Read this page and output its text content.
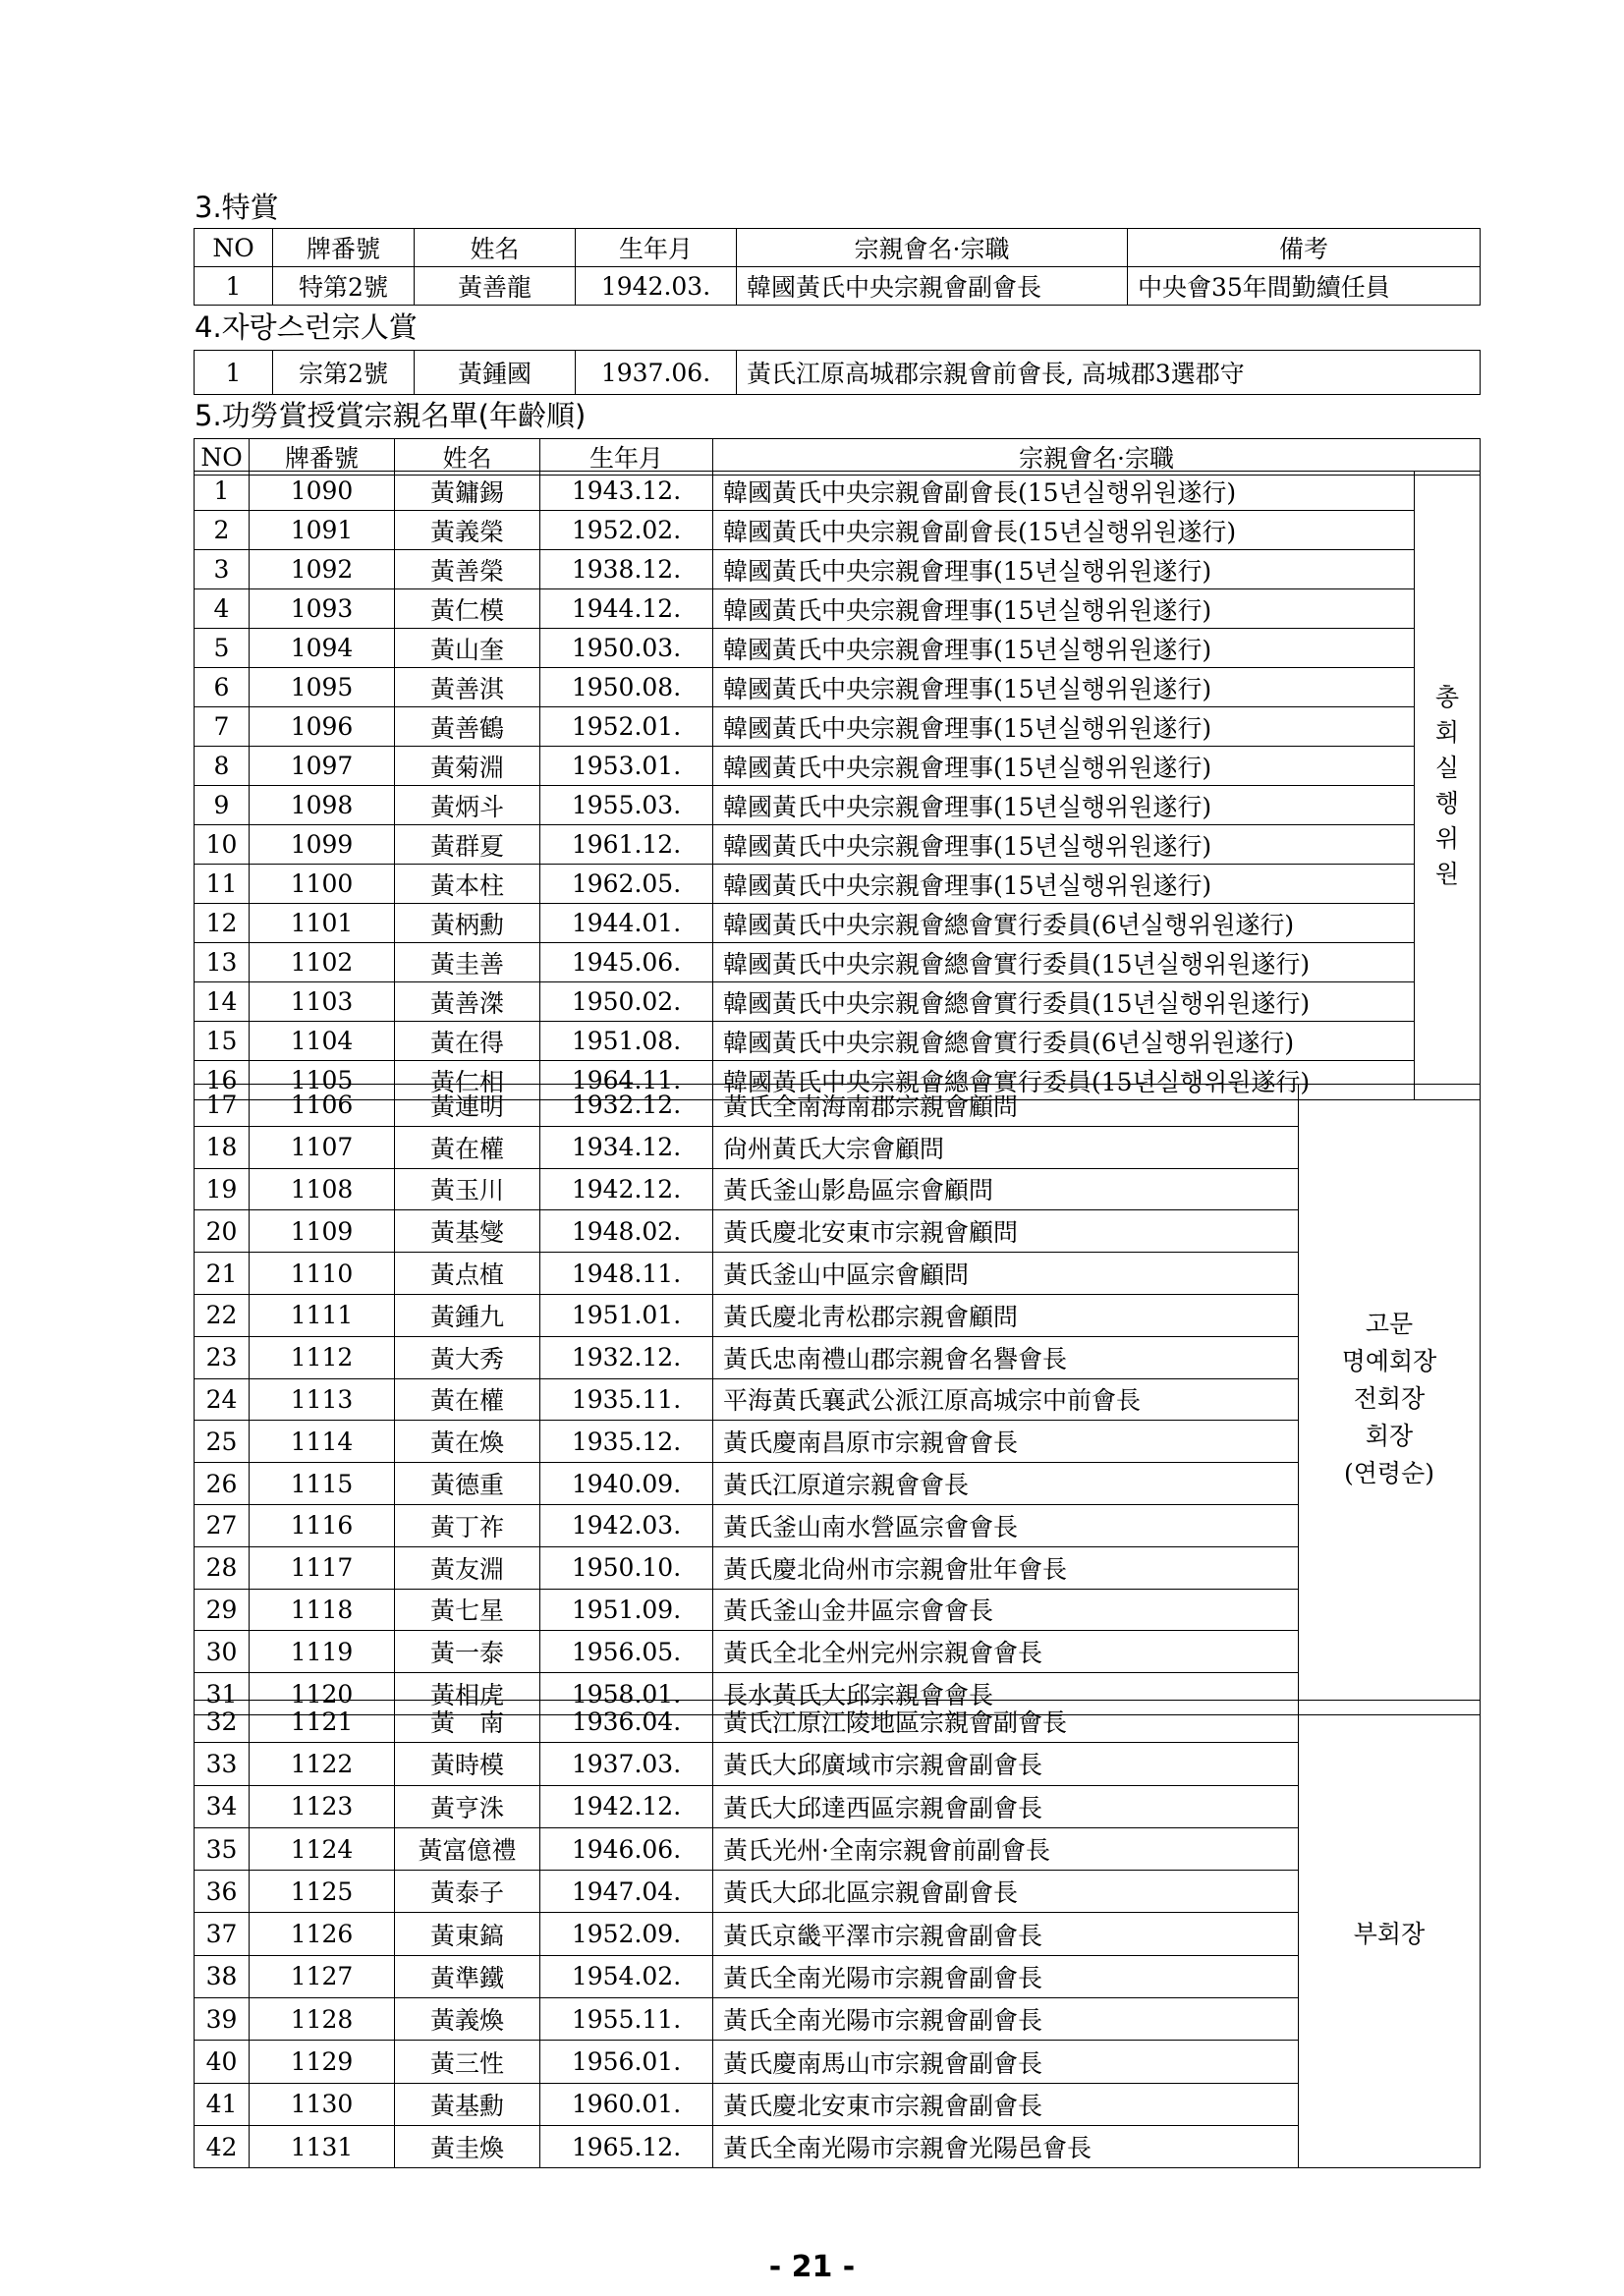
3.特賞
NO	牌番號	姓名	生年月	宗親會名·宗職	備考
1	特第2號	黃善龍	1942.03.	韓國黃氏中央宗親會副會長	中央會35年間勤續任員
4.자랑스런宗人賞
1	宗第2號	黃鍾國	1937.06.	黃氏江原高城郡宗親會前會長, 高城郡3選郡守
5.功勞賞授賞宗親名單(年齡順)
NO	牌番號	姓名	生年月	宗親會名·宗職
1	1090	黃鏞錫	1943.12.	韓國黃氏中央宗親會副會長(15년실행위원遂行)	총회실행위원

2	1091	黃義榮	1952.02.	韓國黃氏中央宗親會副會長(15년실행위원遂行)	
3	1092	黃善榮	1938.12.	韓國黃氏中央宗親會理事(15년실행위원遂行)	
4	1093	黃仁模	1944.12.	韓國黃氏中央宗親會理事(15년실행위원遂行)	
5	1094	黃山奎	1950.03.	韓國黃氏中央宗親會理事(15년실행위원遂行)	
6	1095	黃善淇	1950.08.	韓國黃氏中央宗親會理事(15년실행위원遂行)	
7	1096	黃善鶴	1952.01.	韓國黃氏中央宗親會理事(15년실행위원遂行)	
8	1097	黃菊淵	1953.01.	韓國黃氏中央宗親會理事(15년실행위원遂行)	
9	1098	黃炳斗	1955.03.	韓國黃氏中央宗親會理事(15년실행위원遂行)	
10	1099	黃群夏	1961.12.	韓國黃氏中央宗親會理事(15년실행위원遂行)	
11	1100	黃本柱	1962.05.	韓國黃氏中央宗親會理事(15년실행위원遂行)	
12	1101	黃柄勳	1944.01.	韓國黃氏中央宗親會總會實行委員(6년실행위원遂行)	
13	1102	黃圭善	1945.06.	韓國黃氏中央宗親會總會實行委員(15년실행위원遂行)	
14	1103	黃善滐	1950.02.	韓國黃氏中央宗親會總會實行委員(15년실행위원遂行)	
15	1104	黃在得	1951.08.	韓國黃氏中央宗親會總會實行委員(6년실행위원遂行)	
16	1105	黃仁相	1964.11.	韓國黃氏中央宗親會總會實行委員(15년실행위원遂行)	
17	1106	黃連明	1932.12.	黃氏全南海南郡宗親會顧問	고문
명예회장
전회장
회장
(연령순)

18	1107	黃在權	1934.12.	尙州黃氏大宗會顧問	
19	1108	黃玉川	1942.12.	黃氏釜山影島區宗會顧問	
20	1109	黃基燮	1948.02.	黃氏慶北安東市宗親會顧問	
21	1110	黃点植	1948.11.	黃氏釜山中區宗會顧問	
22	1111	黃鍾九	1951.01.	黃氏慶北靑松郡宗親會顧問	
23	1112	黃大秀	1932.12.	黃氏忠南禮山郡宗親會名譽會長	
24	1113	黃在權	1935.11.	平海黃氏襄武公派江原高城宗中前會長	
25	1114	黃在煥	1935.12.	黃氏慶南昌原市宗親會會長	
26	1115	黃德重	1940.09.	黃氏江原道宗親會會長	
27	1116	黃丁祚	1942.03.	黃氏釜山南水營區宗會會長	
28	1117	黃友淵	1950.10.	黃氏慶北尙州市宗親會壯年會長	
29	1118	黃七星	1951.09.	黃氏釜山金井區宗會會長	
30	1119	黃一泰	1956.05.	黃氏全北全州完州宗親會會長	
31	1120	黃相虎	1958.01.	長水黃氏大邱宗親會會長	
32	1121	黃　南	1936.04.	黃氏江原江陵地區宗親會副會長	부회장
33	1122	黃時模	1937.03.	黃氏大邱廣域市宗親會副會長	
34	1123	黃亨洙	1942.12.	黃氏大邱達西區宗親會副會長	
35	1124	黃富億禮	1946.06.	黃氏光州·全南宗親會前副會長	
36	1125	黃泰子	1947.04.	黃氏大邱北區宗親會副會長	
37	1126	黃東鎬	1952.09.	黃氏京畿平澤市宗親會副會長	
38	1127	黃準鐵	1954.02.	黃氏全南光陽市宗親會副會長	
39	1128	黃義煥	1955.11.	黃氏全南光陽市宗親會副會長	
40	1129	黃三性	1956.01.	黃氏慶南馬山市宗親會副會長	
41	1130	黃基勳	1960.01.	黃氏慶北安東市宗親會副會長	
42	1131	黃圭煥	1965.12.	黃氏全南光陽市宗親會光陽邑會長	
- 21 -
